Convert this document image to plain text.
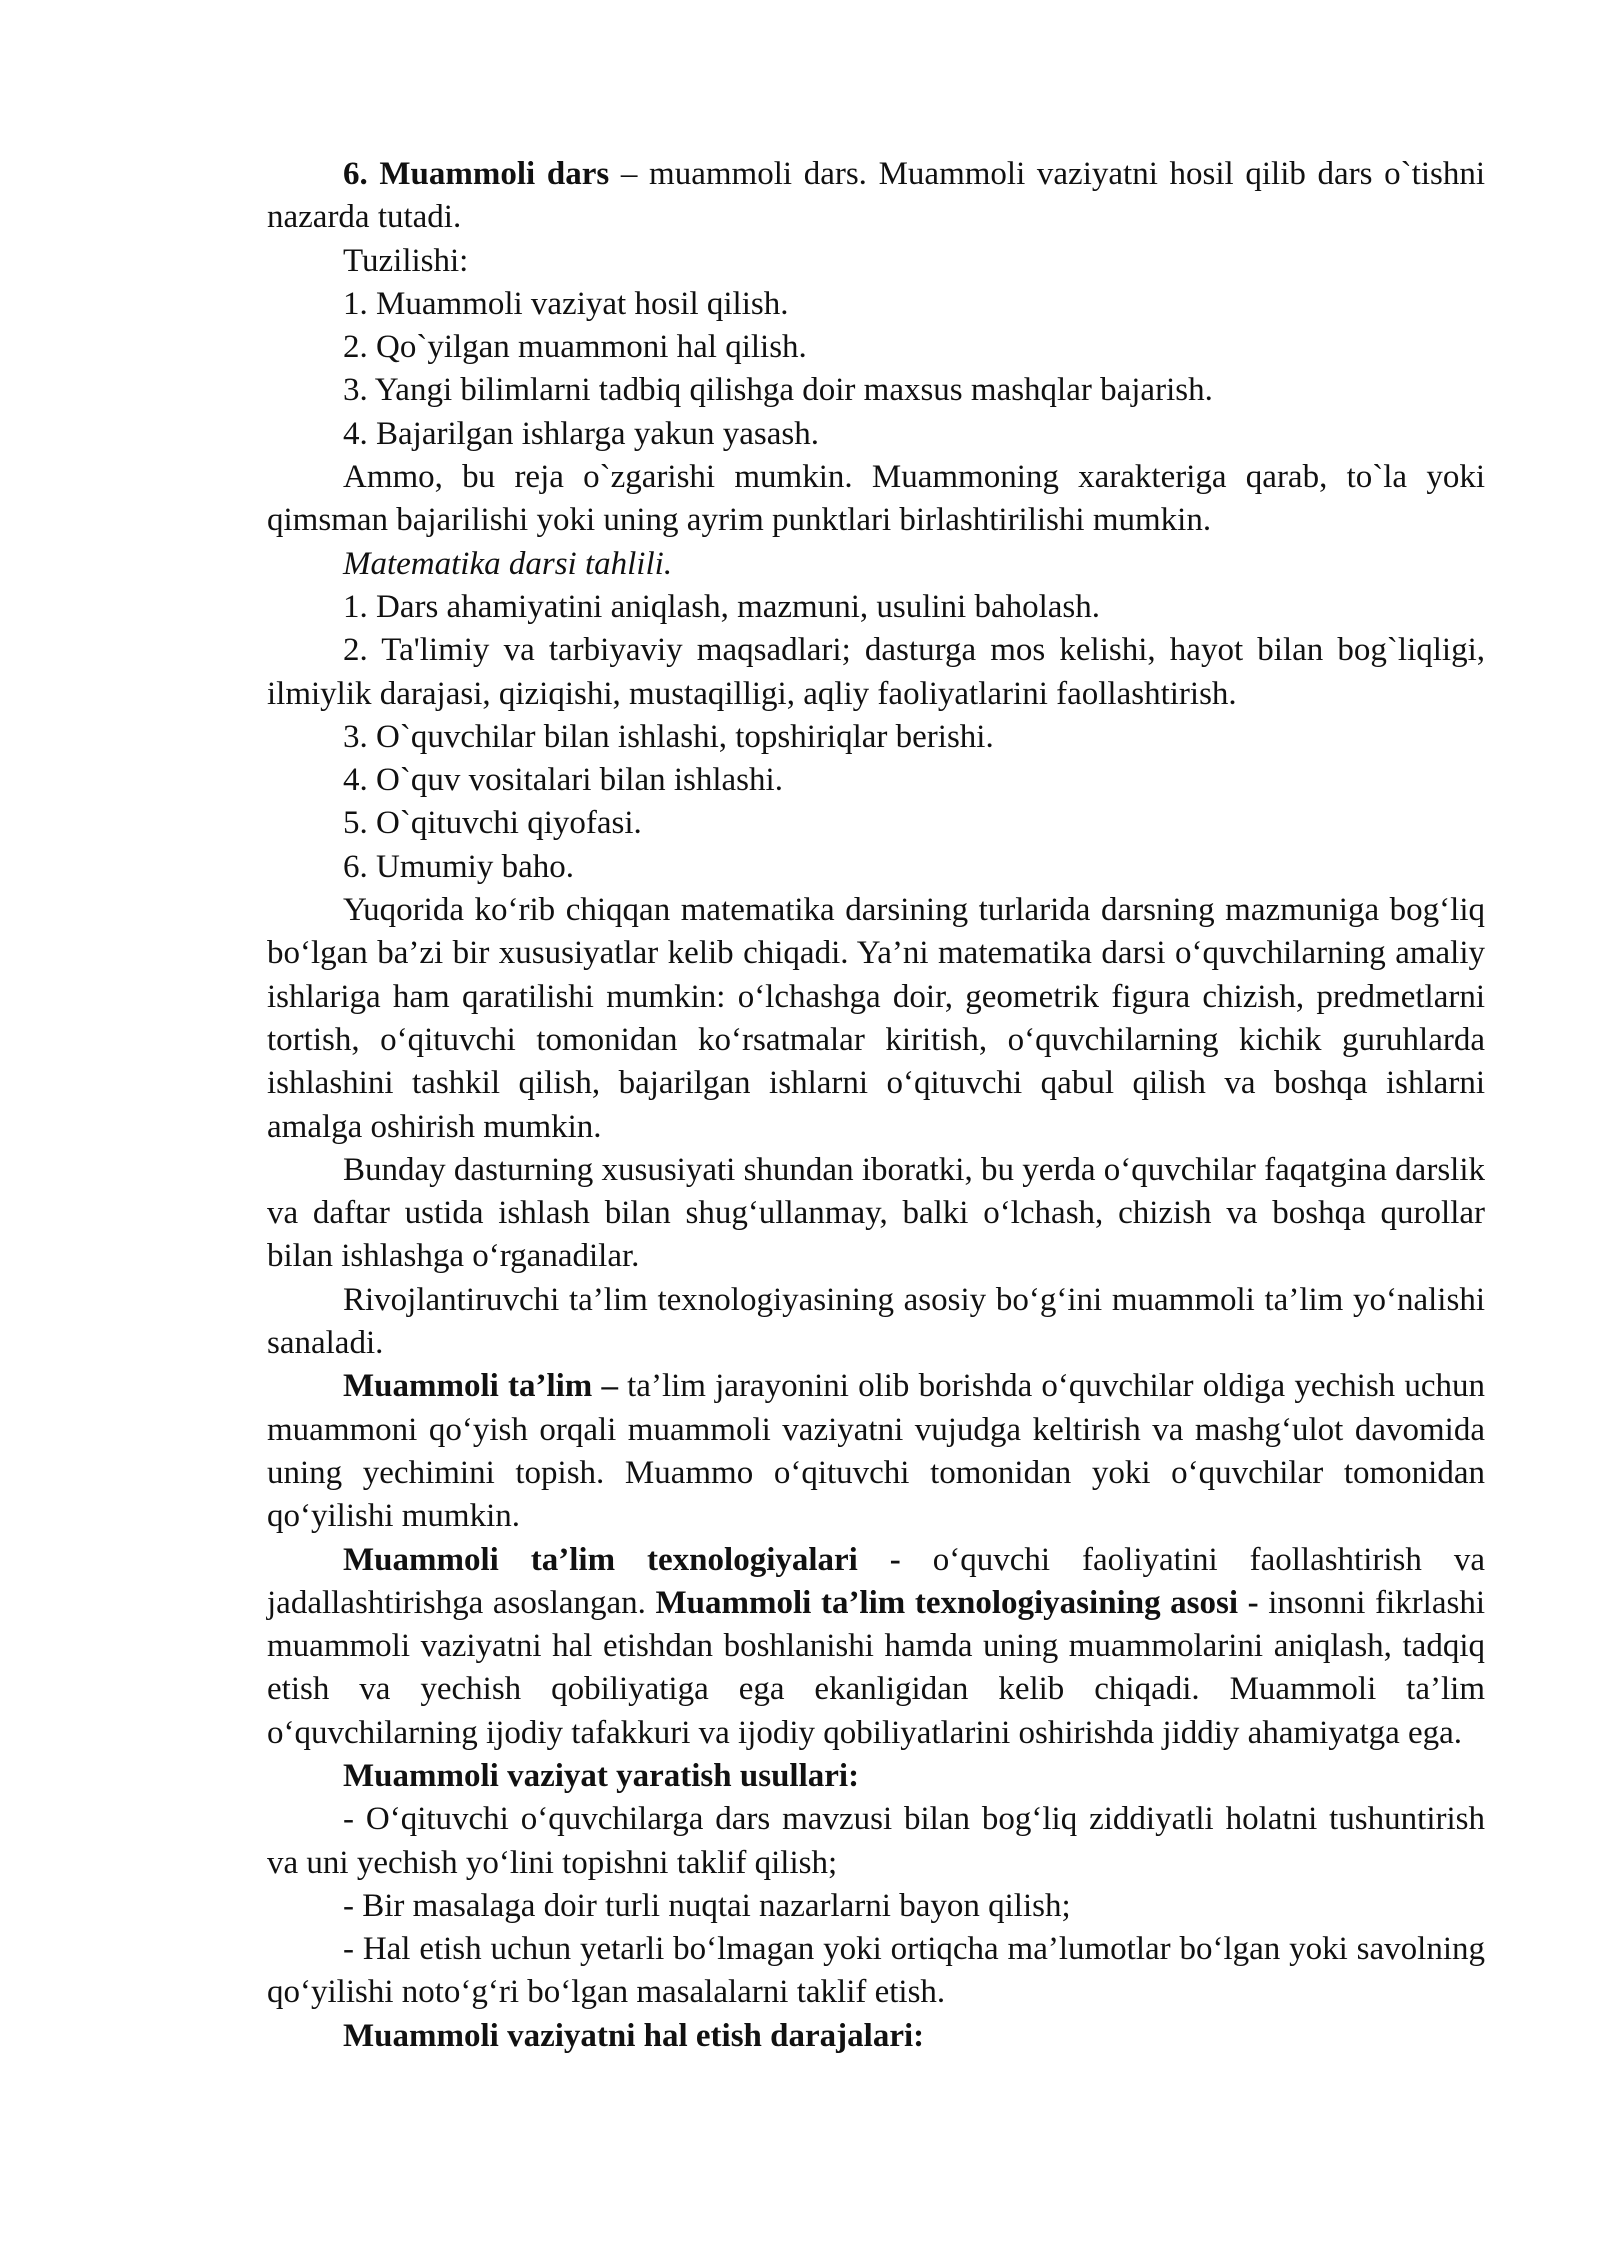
6. Muammoli dars – muammoli dars. Muammoli vaziyatni hosil qilib dars o`tishni nazarda tutadi.

Tuzilishi:

1. Muammoli vaziyat hosil qilish.

2. Qo`yilgan muammoni hal qilish.

3. Yangi bilimlarni tadbiq qilishga doir maxsus mashqlar bajarish.

4. Bajarilgan ishlarga yakun yasash.

Ammo, bu reja o`zgarishi mumkin. Muammoning xarakteriga qarab, to`la yoki qimsman bajarilishi yoki uning ayrim punktlari birlashtirilishi mumkin.

Matematika darsi tahlili.

1. Dars ahamiyatini aniqlash, mazmuni, usulini baholash.

2. Ta'limiy va tarbiyaviy maqsadlari; dasturga mos kelishi, hayot bilan bog`liqligi, ilmiylik darajasi, qiziqishi, mustaqilligi, aqliy faoliyatlarini faollashtirish.

3. O`quvchilar bilan ishlashi, topshiriqlar berishi.

4. O`quv vositalari bilan ishlashi.

5. O`qituvchi qiyofasi.

6. Umumiy baho.

Yuqorida ko‘rib chiqqan matematika darsining turlarida darsning mazmuniga bog‘liq bo‘lgan ba’zi bir xususiyatlar kelib chiqadi. Ya’ni matematika darsi o‘quvchilarning amaliy ishlariga ham qaratilishi mumkin: o‘lchashga doir, geometrik figura chizish, predmetlarni tortish, o‘qituvchi tomonidan ko‘rsatmalar kiritish, o‘quvchilarning kichik guruhlarda ishlashini tashkil qilish, bajarilgan ishlarni o‘qituvchi qabul qilish va boshqa ishlarni amalga oshirish mumkin.

Bunday dasturning xususiyati shundan iboratki, bu yerda o‘quvchilar faqatgina darslik va daftar ustida ishlash bilan shug‘ullanmay, balki o‘lchash, chizish va boshqa qurollar bilan ishlashga o‘rganadilar.

Rivojlantiruvchi ta’lim texnologiyasining asosiy bo‘g‘ini muammoli ta’lim yo‘nalishi sanaladi.

Muammoli ta’lim – ta’lim jarayonini olib borishda o‘quvchilar oldiga yechish uchun muammoni qo‘yish orqali muammoli vaziyatni vujudga keltirish va mashg‘ulot davomida uning yechimini topish. Muammo o‘qituvchi tomonidan yoki o‘quvchilar tomonidan qo‘yilishi mumkin.

Muammoli ta’lim texnologiyalari - o‘quvchi faoliyatini faollashtirish va jadallashtirishga asoslangan. Muammoli ta’lim texnologiyasining asosi - insonni fikrlashi muammoli vaziyatni hal etishdan boshlanishi hamda uning muammolarini aniqlash, tadqiq etish va yechish qobiliyatiga ega ekanligidan kelib chiqadi. Muammoli ta’lim o‘quvchilarning ijodiy tafakkuri va ijodiy qobiliyatlarini oshirishda jiddiy ahamiyatga ega.

Muammoli vaziyat yaratish usullari:

- O‘qituvchi o‘quvchilarga dars mavzusi bilan bog‘liq ziddiyatli holatni tushuntirish va uni yechish yo‘lini topishni taklif qilish;

- Bir masalaga doir turli nuqtai nazarlarni bayon qilish;

- Hal etish uchun yetarli bo‘lmagan yoki ortiqcha ma’lumotlar bo‘lgan yoki savolning qo‘yilishi noto‘g‘ri bo‘lgan masalalarni taklif etish.

Muammoli vaziyatni hal etish darajalari:
